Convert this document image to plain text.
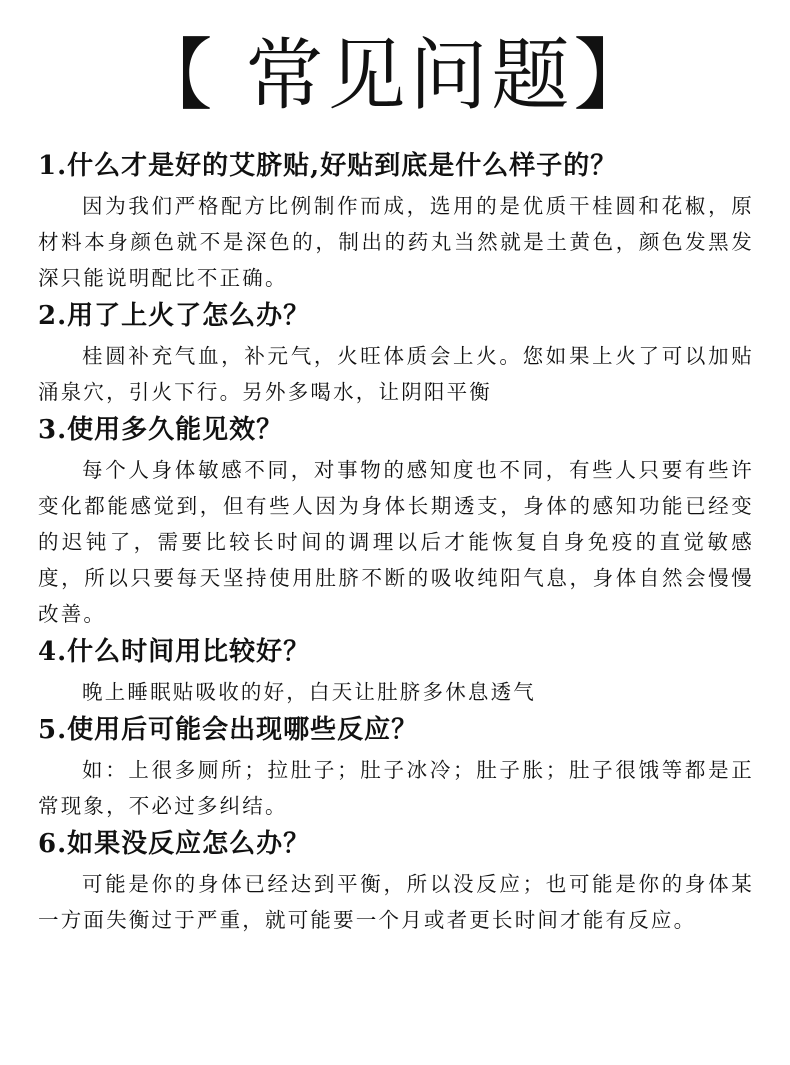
【 常见问题】

1.什么才是好的艾脐贴,好贴到底是什么样子的？

因为我们严格配方比例制作而成，选用的是优质干桂圆和花椒，原材料本身颜色就不是深色的，制出的药丸当然就是土黄色，颜色发黑发深只能说明配比不正确。

2.用了上火了怎么办？

桂圆补充气血，补元气，火旺体质会上火。您如果上火了可以加贴涌泉穴，引火下行。另外多喝水，让阴阳平衡

3.使用多久能见效？

每个人身体敏感不同，对事物的感知度也不同，有些人只要有些许变化都能感觉到，但有些人因为身体长期透支，身体的感知功能已经变的迟钝了，需要比较长时间的调理以后才能恢复自身免疫的直觉敏感度，所以只要每天坚持使用肚脐不断的吸收纯阳气息，身体自然会慢慢改善。

4.什么时间用比较好？

晚上睡眠贴吸收的好，白天让肚脐多休息透气

5.使用后可能会出现哪些反应？

如：上很多厕所；拉肚子；肚子冰冷；肚子胀；肚子很饿等都是正常现象，不必过多纠结。

6.如果没反应怎么办？

可能是你的身体已经达到平衡，所以没反应；也可能是你的身体某一方面失衡过于严重，就可能要一个月或者更长时间才能有反应。
